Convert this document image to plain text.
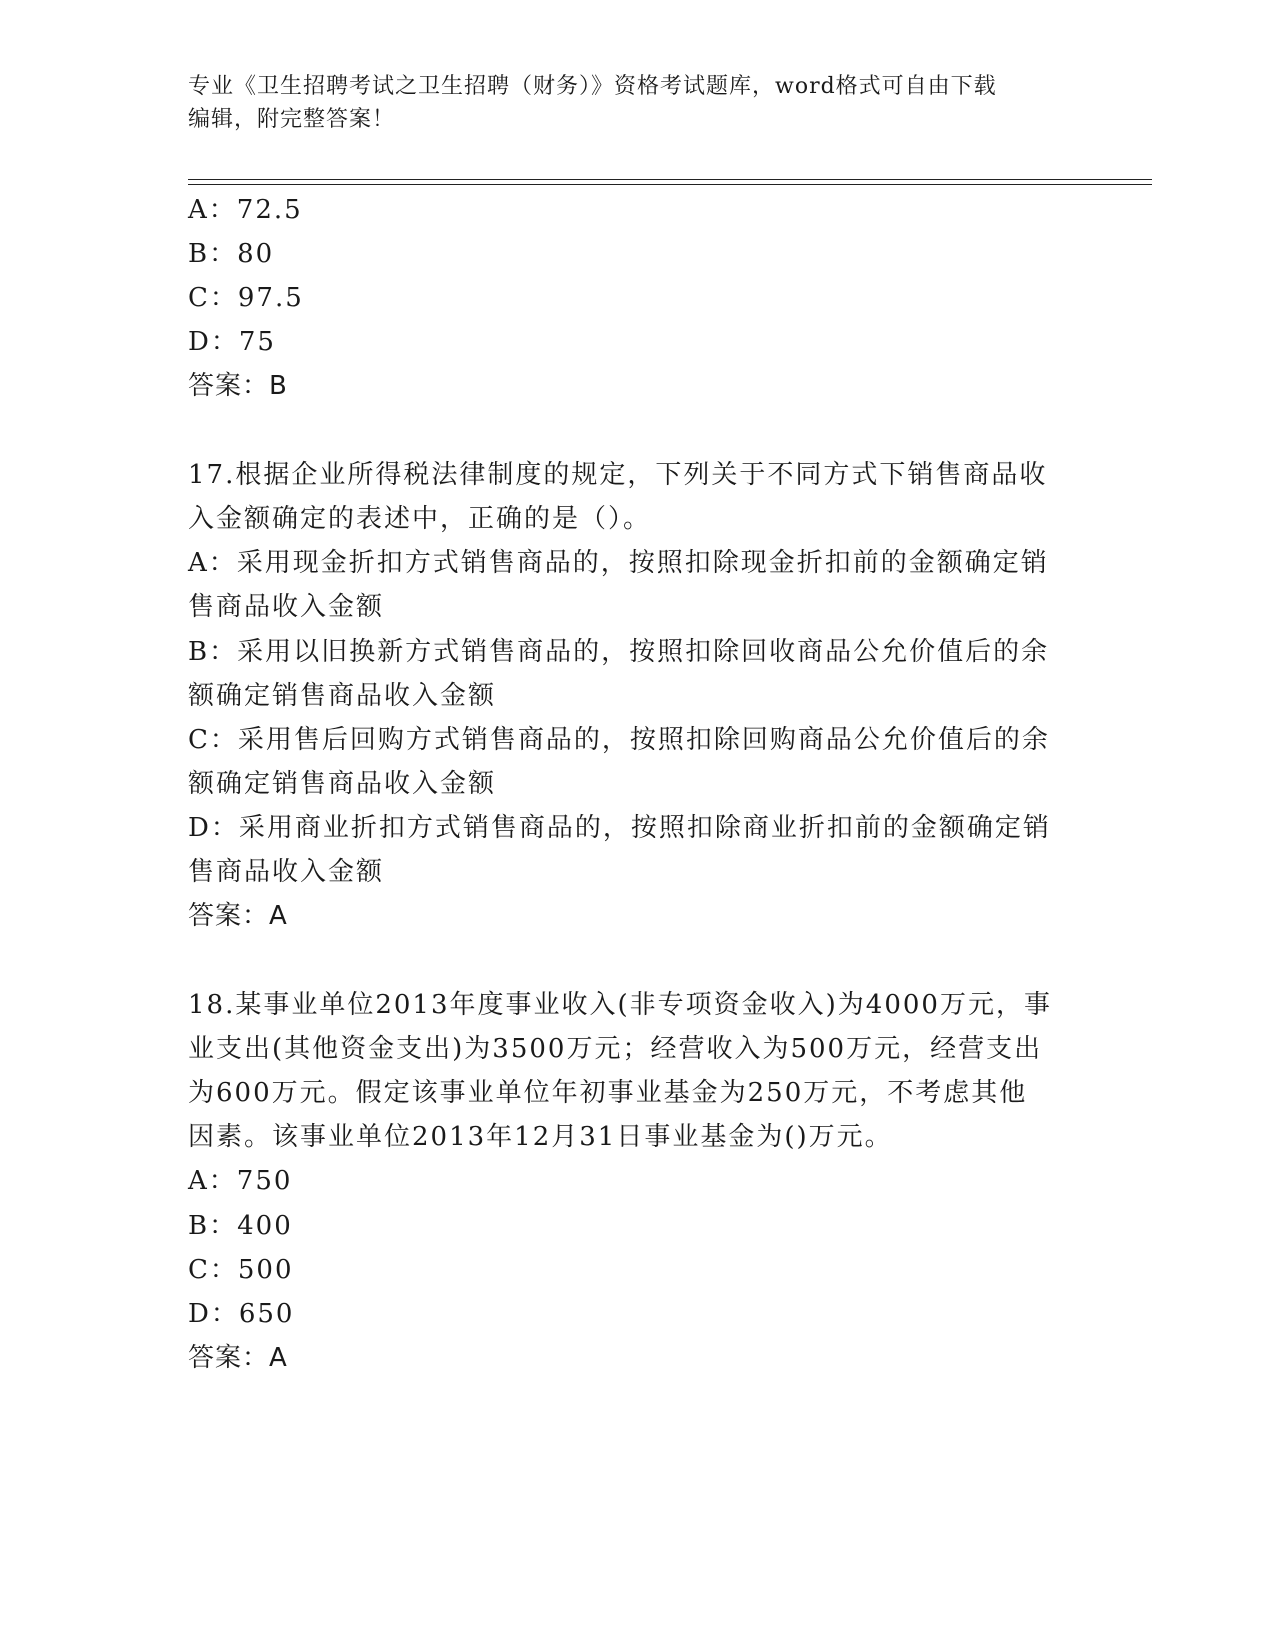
专业《卫生招聘考试之卫生招聘（财务）》资格考试题库，word格式可自由下载
编辑，附完整答案！
A：72.5
B：80
C：97.5
D：75
答案：B
17.根据企业所得税法律制度的规定，下列关于不同方式下销售商品收
入金额确定的表述中，正确的是（）。
A：采用现金折扣方式销售商品的，按照扣除现金折扣前的金额确定销
售商品收入金额
B：采用以旧换新方式销售商品的，按照扣除回收商品公允价值后的余
额确定销售商品收入金额
C：采用售后回购方式销售商品的，按照扣除回购商品公允价值后的余
额确定销售商品收入金额
D：采用商业折扣方式销售商品的，按照扣除商业折扣前的金额确定销
售商品收入金额
答案：A
18.某事业单位2013年度事业收入(非专项资金收入)为4000万元，事
业支出(其他资金支出)为3500万元；经营收入为500万元，经营支出
为600万元。假定该事业单位年初事业基金为250万元，不考虑其他
因素。该事业单位2013年12月31日事业基金为()万元。
A：750
B：400
C：500
D：650
答案：A
